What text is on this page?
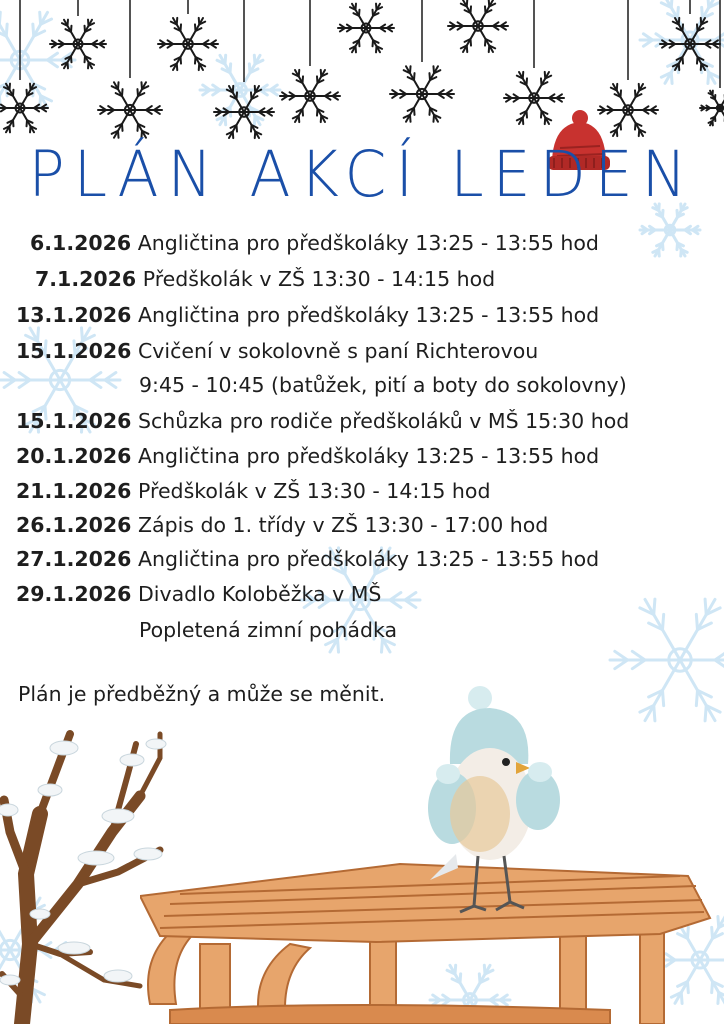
PLÁN AKCÍ LEDEN
6.1.2026 Angličtina pro předškoláky 13:25 - 13:55 hod
7.1.2026 Předškolák v ZŠ 13:30 - 14:15 hod
13.1.2026 Angličtina pro předškoláky 13:25 - 13:55 hod
15.1.2026 Cvičení v sokolovně s paní Richterovou
9:45 - 10:45 (batůžek, pití a boty do sokolovny)
15.1.2026 Schůzka pro rodiče předškoláků v MŠ 15:30 hod
20.1.2026 Angličtina pro předškoláky 13:25 - 13:55 hod
21.1.2026 Předškolák v ZŠ 13:30 - 14:15 hod
26.1.2026 Zápis do 1. třídy v ZŠ 13:30 - 17:00 hod
27.1.2026 Angličtina pro předškoláky 13:25 - 13:55 hod
29.1.2026 Divadlo Koloběžka v MŠ
Popletená zimní pohádka
Plán je předběžný a může se měnit.
